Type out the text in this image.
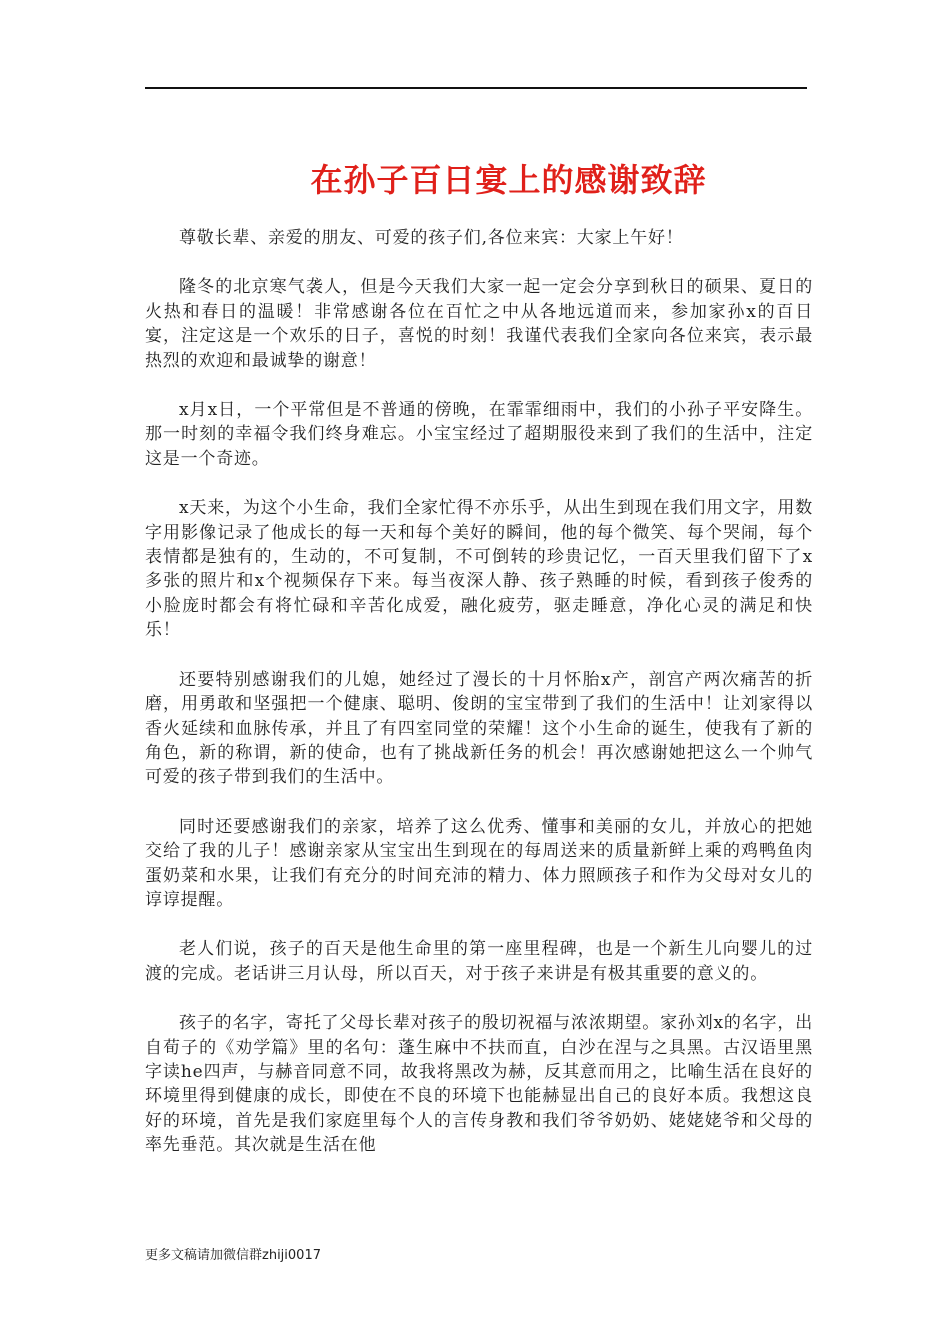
在孙子百日宴上的感谢致辞

尊敬长辈、亲爱的朋友、可爱的孩子们,各位来宾：大家上午好！

隆冬的北京寒气袭人，但是今天我们大家一起一定会分享到秋日的硕果、夏日的火热和春日的温暖！非常感谢各位在百忙之中从各地远道而来，参加家孙x的百日宴，注定这是一个欢乐的日子，喜悦的时刻！我谨代表我们全家向各位来宾，表示最热烈的欢迎和最诚挚的谢意！

x月x日，一个平常但是不普通的傍晚，在霏霏细雨中，我们的小孙子平安降生。那一时刻的幸福令我们终身难忘。小宝宝经过了超期服役来到了我们的生活中，注定这是一个奇迹。

x天来，为这个小生命，我们全家忙得不亦乐乎，从出生到现在我们用文字，用数字用影像记录了他成长的每一天和每个美好的瞬间，他的每个微笑、每个哭闹，每个表情都是独有的，生动的，不可复制，不可倒转的珍贵记忆，一百天里我们留下了x多张的照片和x个视频保存下来。每当夜深人静、孩子熟睡的时候，看到孩子俊秀的小脸庞时都会有将忙碌和辛苦化成爱，融化疲劳，驱走睡意，净化心灵的满足和快乐！

还要特别感谢我们的儿媳，她经过了漫长的十月怀胎x产，剖宫产两次痛苦的折磨，用勇敢和坚强把一个健康、聪明、俊朗的宝宝带到了我们的生活中！让刘家得以香火延续和血脉传承，并且了有四室同堂的荣耀！这个小生命的诞生，使我有了新的角色，新的称谓，新的使命，也有了挑战新任务的机会！再次感谢她把这么一个帅气可爱的孩子带到我们的生活中。

同时还要感谢我们的亲家，培养了这么优秀、懂事和美丽的女儿，并放心的把她交给了我的儿子！感谢亲家从宝宝出生到现在的每周送来的质量新鲜上乘的鸡鸭鱼肉蛋奶菜和水果，让我们有充分的时间充沛的精力、体力照顾孩子和作为父母对女儿的谆谆提醒。

老人们说，孩子的百天是他生命里的第一座里程碑，也是一个新生儿向婴儿的过渡的完成。老话讲三月认母，所以百天，对于孩子来讲是有极其重要的意义的。

孩子的名字，寄托了父母长辈对孩子的殷切祝福与浓浓期望。家孙刘x的名字，出自荀子的《劝学篇》里的名句：蓬生麻中不扶而直，白沙在涅与之具黑。古汉语里黑字读he四声，与赫音同意不同，故我将黑改为赫，反其意而用之，比喻生活在良好的环境里得到健康的成长，即使在不良的环境下也能赫显出自己的良好本质。我想这良好的环境，首先是我们家庭里每个人的言传身教和我们爷爷奶奶、姥姥姥爷和父母的率先垂范。其次就是生活在他

更多文稿请加微信群zhiji0017
